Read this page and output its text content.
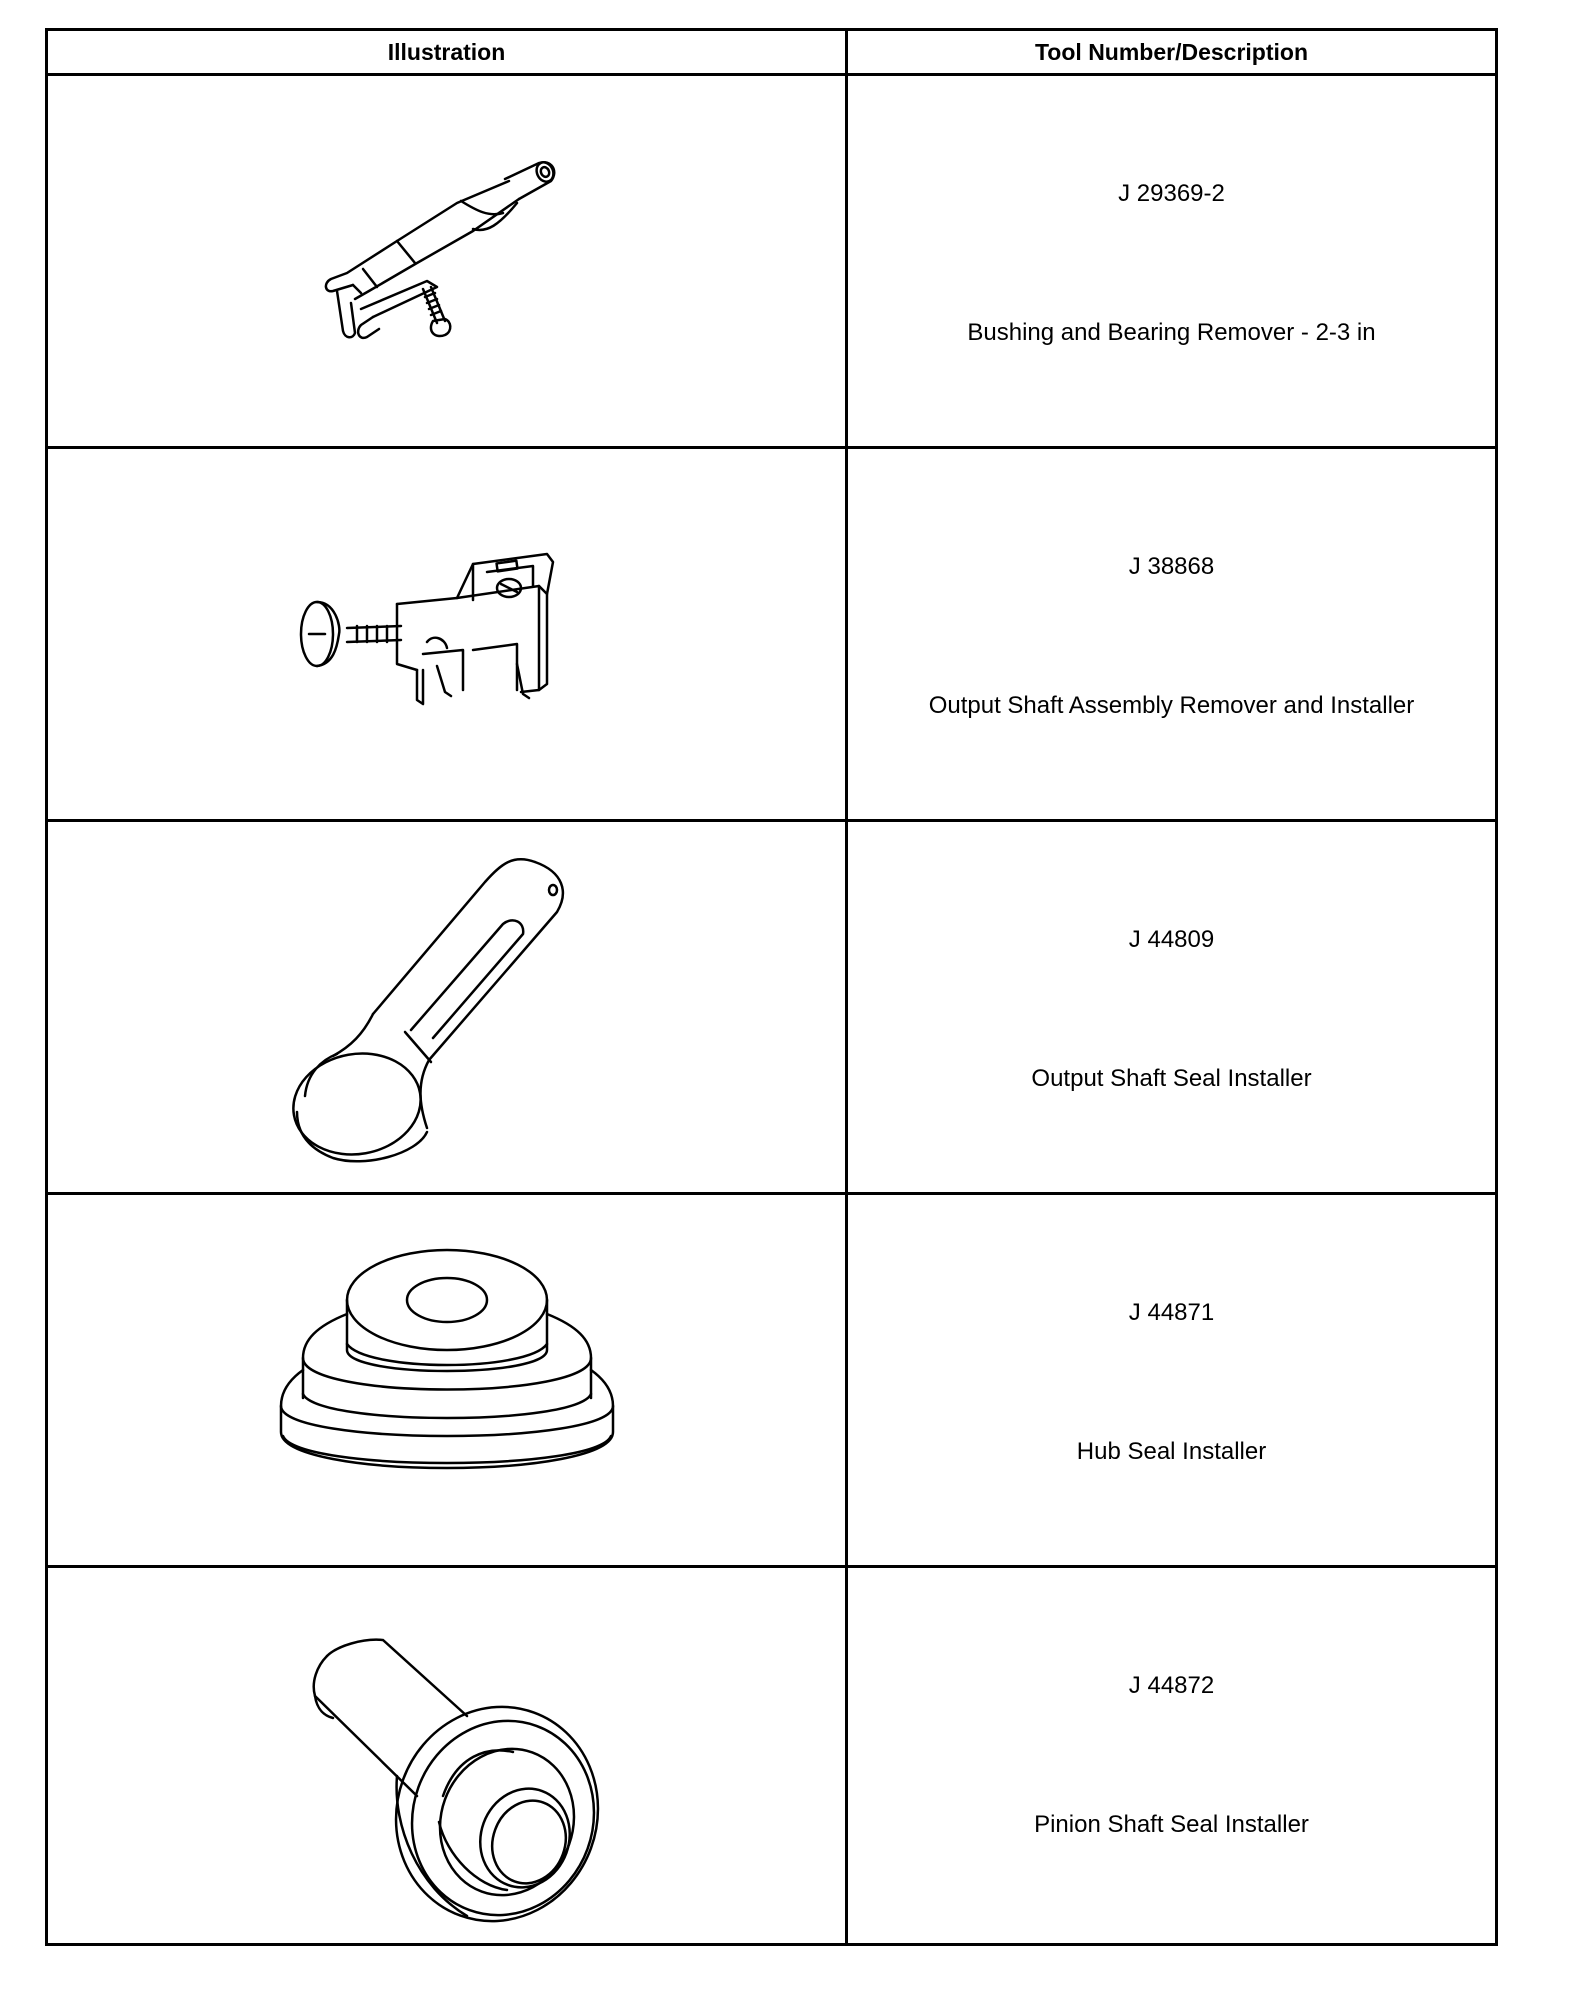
Illustration	Tool Number/Description
J 29369-2
Bushing and Bearing Remover - 2-3 in
J 38868
Output Shaft Assembly Remover and Installer
J 44809
Output Shaft Seal Installer
J 44871
Hub Seal Installer
J 44872
Pinion Shaft Seal Installer
